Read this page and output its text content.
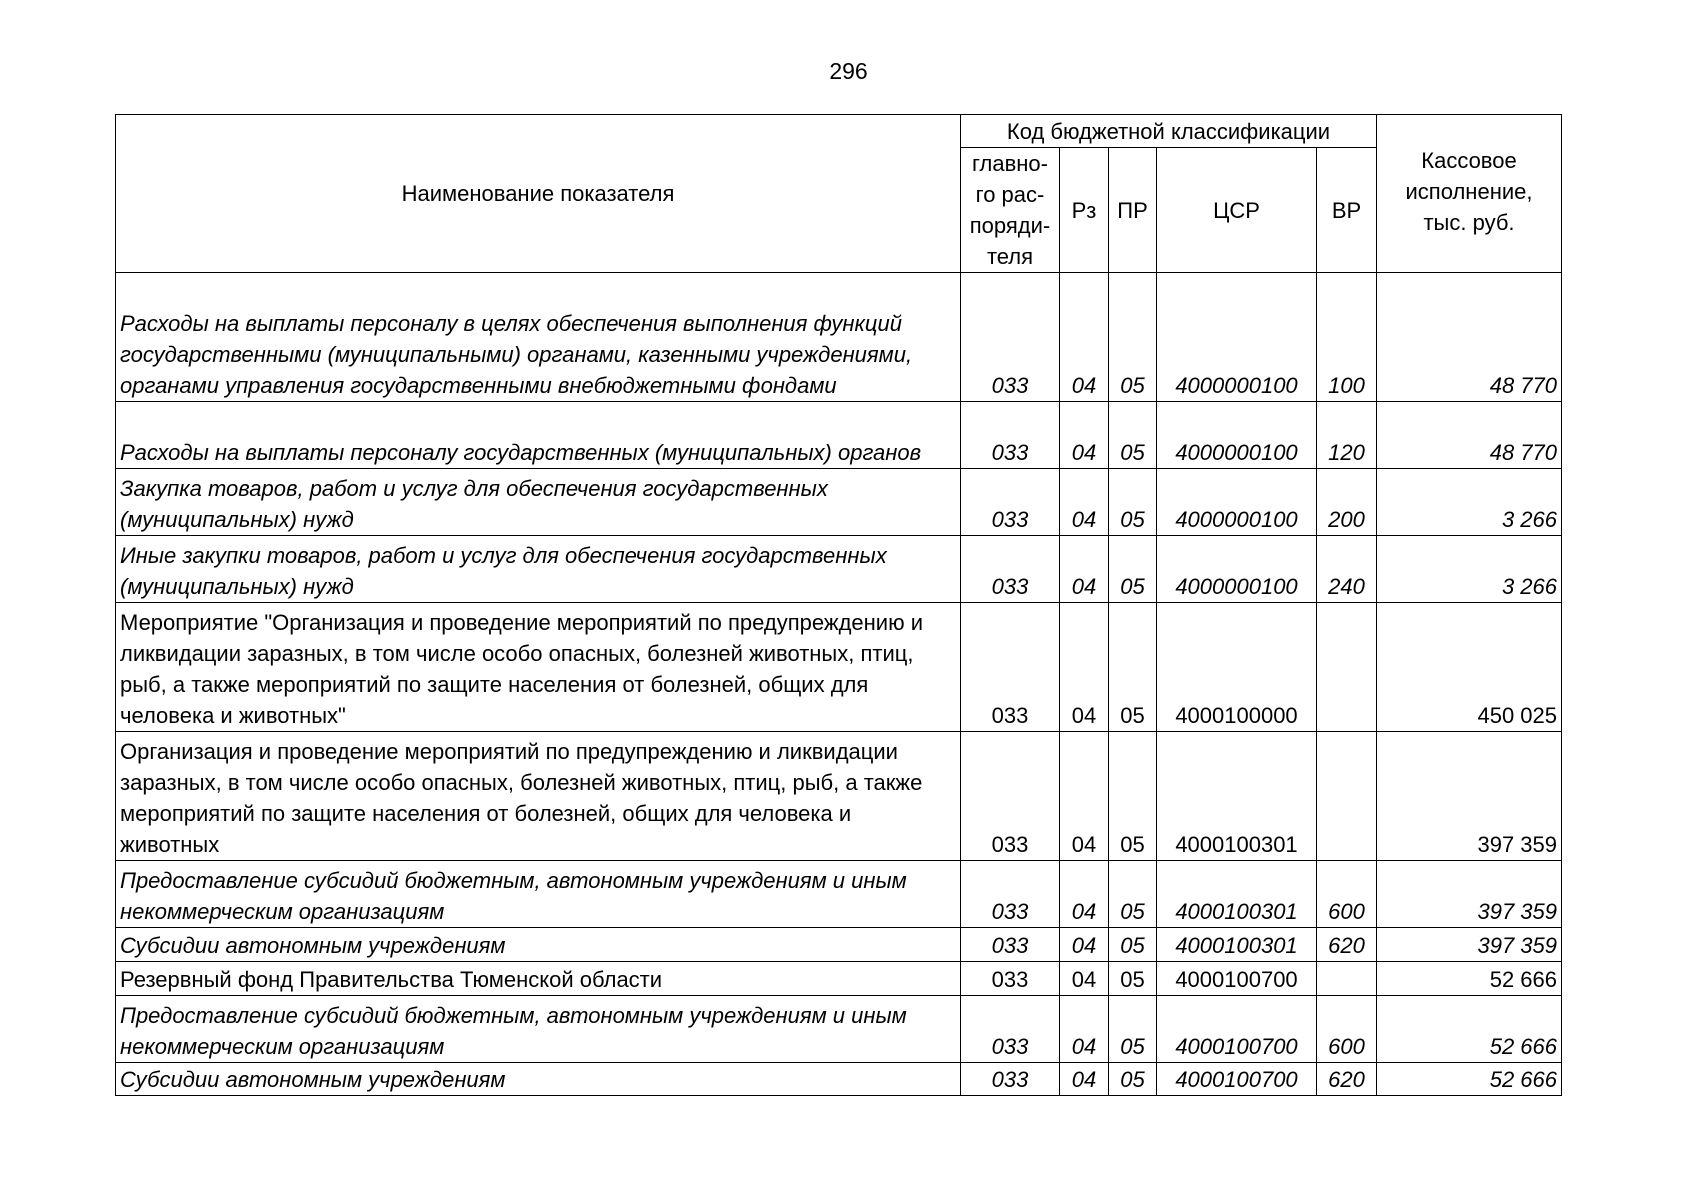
296
Наименование показателя	Код бюджетной классификации					Кассовое исполнение, тыс. руб.
	главно-го рас-поряди-теля	Рз	ПР	ЦСР	ВР	
Расходы на выплаты персоналу в целях обеспечения выполнения функций государственными (муниципальными) органами, казенными учреждениями, органами управления государственными внебюджетными фондами	033	04	05	4000000100	100	48 770
Расходы на выплаты персоналу государственных (муниципальных) органов	033	04	05	4000000100	120	48 770
Закупка товаров, работ и услуг для обеспечения государственных (муниципальных) нужд	033	04	05	4000000100	200	3 266
Иные закупки товаров, работ и услуг для обеспечения государственных (муниципальных) нужд	033	04	05	4000000100	240	3 266
Мероприятие "Организация и проведение мероприятий по предупреждению и ликвидации заразных, в том числе особо опасных, болезней животных, птиц, рыб, а также мероприятий по защите населения от болезней, общих для человека и животных"	033	04	05	4000100000		450 025
Организация и проведение мероприятий по предупреждению и ликвидации заразных, в том числе особо опасных, болезней животных, птиц, рыб, а также мероприятий по защите населения от болезней, общих для человека и животных	033	04	05	4000100301		397 359
Предоставление субсидий бюджетным, автономным учреждениям и иным некоммерческим организациям	033	04	05	4000100301	600	397 359
Субсидии автономным учреждениям	033	04	05	4000100301	620	397 359
Резервный фонд Правительства Тюменской области	033	04	05	4000100700		52 666
Предоставление субсидий бюджетным, автономным учреждениям и иным некоммерческим организациям	033	04	05	4000100700	600	52 666
Субсидии автономным учреждениям	033	04	05	4000100700	620	52 666
